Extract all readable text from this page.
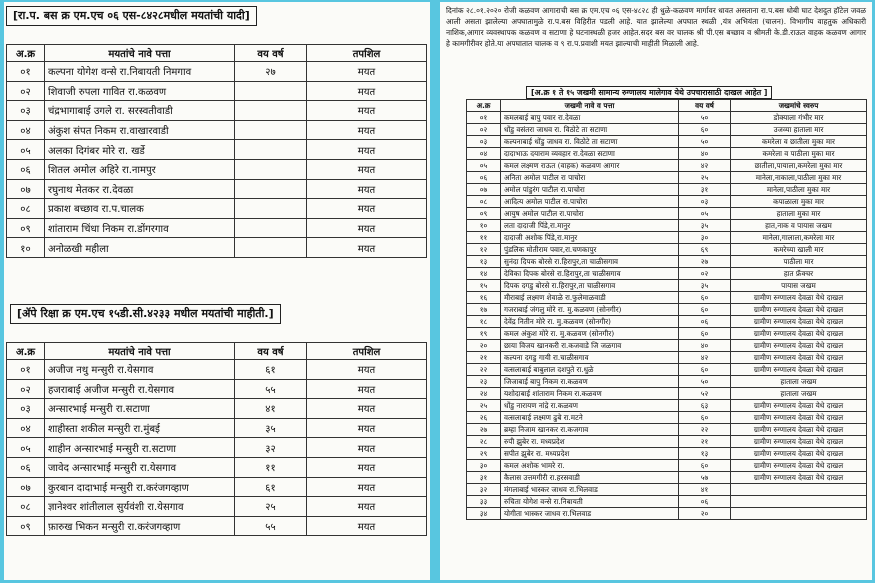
[रा.प. बस क्र एम.एच ०६ एस-८४२८मधील मयतांची यादी]
अ.क्र	मयतांचे नावे पत्ता	वय वर्ष	तपशिल
०१	कल्पना योगेश वन्से रा.निबायती निमगाव	२७	मयत
०२	शिवाजी रुपला गावित रा.कळवण		मयत
०३	चंद्रभागाबाई उगले रा. सरस्वतीवाडी		मयत
०४	अंकुश संपत निकम रा.वाखारवाडी		मयत
०५	अलका दिगंबर मोरे रा. खर्डे		मयत
०६	शितल अमोल अहिरे रा.नामपुर		मयत
०७	रघुनाथ मेतकर रा.देवळा		मयत
०८	प्रकाश बच्छाव रा.प.चालक		मयत
०९	शांताराम चिंधा निकम रा.डोंगरगाव		मयत
१०	अनोळखी महीला		मयत
[ॲपे रिक्षा क्र एम.एच १५डी.सी.४२३३ मधील मयतांची माहीती.]
अ.क्र	मयतांचे नावे पत्ता	वय वर्ष	तपशिल
०१	अजीज नथु मन्सुरी रा.येसगाव	६१	मयत
०२	हजराबाई अजीज मन्सुरी रा.येसगाव	५५	मयत
०३	अन्सारभाई मन्सुरी रा.सटाणा	४१	मयत
०४	शाहीस्ता शकील मन्सुरी रा.मुंबई	३५	मयत
०५	शाहीन अन्सारभाई मन्सुरी रा.सटाणा	३२	मयत
०६	जावेद अन्सारभाई मन्सुरी रा.येसगाव	११	मयत
०७	कुरबान दादाभाई मन्सुरी रा.करंजगव्हाण	६१	मयत
०८	ज्ञानेश्वर शांतीलाल सुर्यवंशी रा.येसगाव	२५	मयत
०९	फ़ारुख भिकन मन्सुरी रा.करंजगव्हाण	५५	मयत

दिनांक २८.०१.२०२० रोजी कळवण आगाराची बस क्र एम.एच ०६ एस-४८२८ ही धुळे-कळवण मार्गावर धावत असताना रा.प.बस धोबी घाट देशदुत हॉटेल जवळ आली असता झालेल्या अपघातामुळे रा.प.बस विहिरीत पडली आहे. यात झालेल्या अपघात स्थळी ,यंत्र अभियंता (चालन). विभागीय वाहतुक अधिकारी नाशिक,आगार व्यवस्थापक कळवण व सटाणा हे घटनास्थळी हजर आहेत.सदर बस वर चालक श्री पी.एस बच्छाव व श्रीमती के.डी.राऊत वाहक कळवण आगार हे कामगीरीवर होते.या अपघातात चालक व ९ रा.प.प्रवाशी मयत झाल्याची माहीती मिळाली आहे.

[अ.क्र १ ते १५ जखमी सामान्य रुग्णालय मालेगाव येथे उपचारासाठी दाखल आहेत ]
अ.क्र	जखमी नावे व पत्ता	वय वर्ष	जखमांचे स्वरुप
०१	कमलबाई बापु पवार रा.देवळा	५०	डोक्याला गंभीर मार
०२	धोंडु वसंतरा जाधव रा. विठोटे ता सटाणा	६०	उजव्या हाताला मार
०३	कल्पनाबाई धोंडु जाधव रा. विठोटे ता सटाणा	५०	कमरेला व छातीला मुका मार
०४	दादाभाऊ दयाराम व्यवहार रा.देवळा सटाणा	४०	कमरेला व पाठीला मुका मार
०५	कमल लक्ष्मण राऊत (वाहक) कळवण आगार	४२	छातीला,पायाला,कमरेला मुका मार
०६	अनिता अमोल पाटील रा पाचोरा	२५	मानेला,नाकाला,पाठीला मुका मार
०७	अमोल पांडुरंग पाटील रा.पाचोरा	३१	मानेला,पाठीला मुका मार
०८	आदित्य अमोल पाटील रा.पाचोरा	०३	कपाळाला मुका मार
०९	आयुष अमोल पाटील रा.पाचोरा	०५	हाताला मुका मार
१०	लता दादाजी पिंडे,रा.मानुर	३५	हात,नाक व पायास जखम
११	दादाजी अशोक पिंडे,रा.मानुर	३०	मानेला,गालाला,कमरेला मार
१२	पुंडलिक मोतीराम पवार,रा.चणकापुर	६९	कमरेच्या खाली मार
१३	सुनंदा दिपक बोरसे रा.हिरापुर,ता चाळीसगाव	२७	पाठीला मार
१४	देविका दिपक बोरसे रा.हिरापुर,ता चाळीसगाव	०२	हात फ्रॅक्चर
१५	दिपक दगडु बोरसे रा.हिरापुर,ता चाळीसगाव	३५	पायास जखम
१६	मीराबाई लक्ष्मण शेवाळे रा.फुलेमाळवाडी	६०	ग्रामीण रुग्णालय देवळा येथे दाखल
१७	गजराबाई जंगलु मोरे रा. मु.कळवण (सोनगीर)	६०	ग्रामीण रुग्णालय देवळा येथे दाखल
१८	देवेंद्र नितीन मोरे रा. मु.कळवण (सोनगीर)	०६	ग्रामीण रुग्णालय देवळा येथे दाखल
१९	कमल अंकुश मोरे रा. मु.कळवण (सोनगीर)	६०	ग्रामीण रुग्णालय देवळा येथे दाखल
२०	छाया विजय खानकरी रा.कजवाडे जि जळगाव	४०	ग्रामीण रुग्णालय देवळा येथे दाखल
२१	कल्पना दगडु गायी रा.चाळीसगाव	४२	ग्रामीण रुग्णालय देवळा येथे दाखल
२२	वत्सलाबाई बाबुलाल दशपुते रा.धुळे	६०	ग्रामीण रुग्णालय देवळा येथे दाखल
२३	जिजाबाई बापु निकम रा.कळवण	५०	हाताला जखम
२४	यशोदाबाई शांताराम निकम रा.कळवण	५२	हाताला जखम
२५	धोंडु नारायण नांद्रे रा.कळवण	६३	ग्रामीण रुग्णालय देवळा येथे दाखल
२६	वत्सलाबाई लक्ष्मण ढुबे रा.मटने	६०	ग्रामीण रुग्णालय देवळा येथे दाखल
२७	ब्रम्हा निजाम खानकर रा.कजगाव	२२	ग्रामीण रुग्णालय देवळा येथे दाखल
२८	रुपी झुबेर रा. मध्यप्रदेश	२१	ग्रामीण रुग्णालय देवळा येथे दाखल
२९	सपीत झुबेर रा. मध्यप्रदेश	१३	ग्रामीण रुग्णालय देवळा येथे दाखल
३०	कमल अशोक भामरे रा.	६०	ग्रामीण रुग्णालय देवळा येथे दाखल
३१	कैलास उत्तमगीरी रा.हरसवाडी	५७	ग्रामीण रुग्णालय देवळा येथे दाखल
३२	मंगलाबाई भास्कर जाधव रा.भिलवाड	४१	
३३	रुचिता योगेश वन्से रा.निबायती	०६	
३४	योगीता भास्कर जाधव रा.भिलवाड	२०	
